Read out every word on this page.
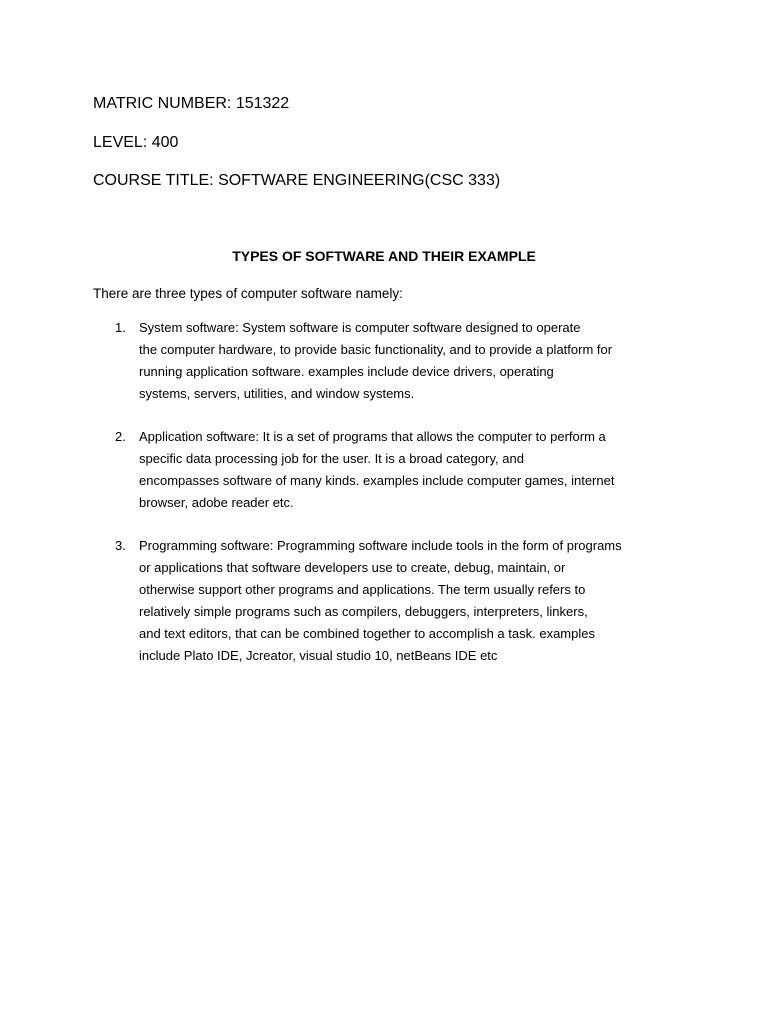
MATRIC NUMBER: 151322
LEVEL: 400
COURSE TITLE: SOFTWARE ENGINEERING(CSC 333)
TYPES OF SOFTWARE AND THEIR EXAMPLE
There are three types of computer software namely:
1. System software: System software is computer software designed to operate
the computer hardware, to provide basic functionality, and to provide a platform for
running application software. examples include device drivers, operating
systems, servers, utilities, and window systems.
2. Application software: It is a set of programs that allows the computer to perform a
specific data processing job for the user. It is a broad category, and
encompasses software of many kinds. examples include computer games, internet
browser, adobe reader etc.
3. Programming software: Programming software include tools in the form of programs
or applications that software developers use to create, debug, maintain, or
otherwise support other programs and applications. The term usually refers to
relatively simple programs such as compilers, debuggers, interpreters, linkers,
and text editors, that can be combined together to accomplish a task. examples
include Plato IDE, Jcreator, visual studio 10, netBeans IDE etc
